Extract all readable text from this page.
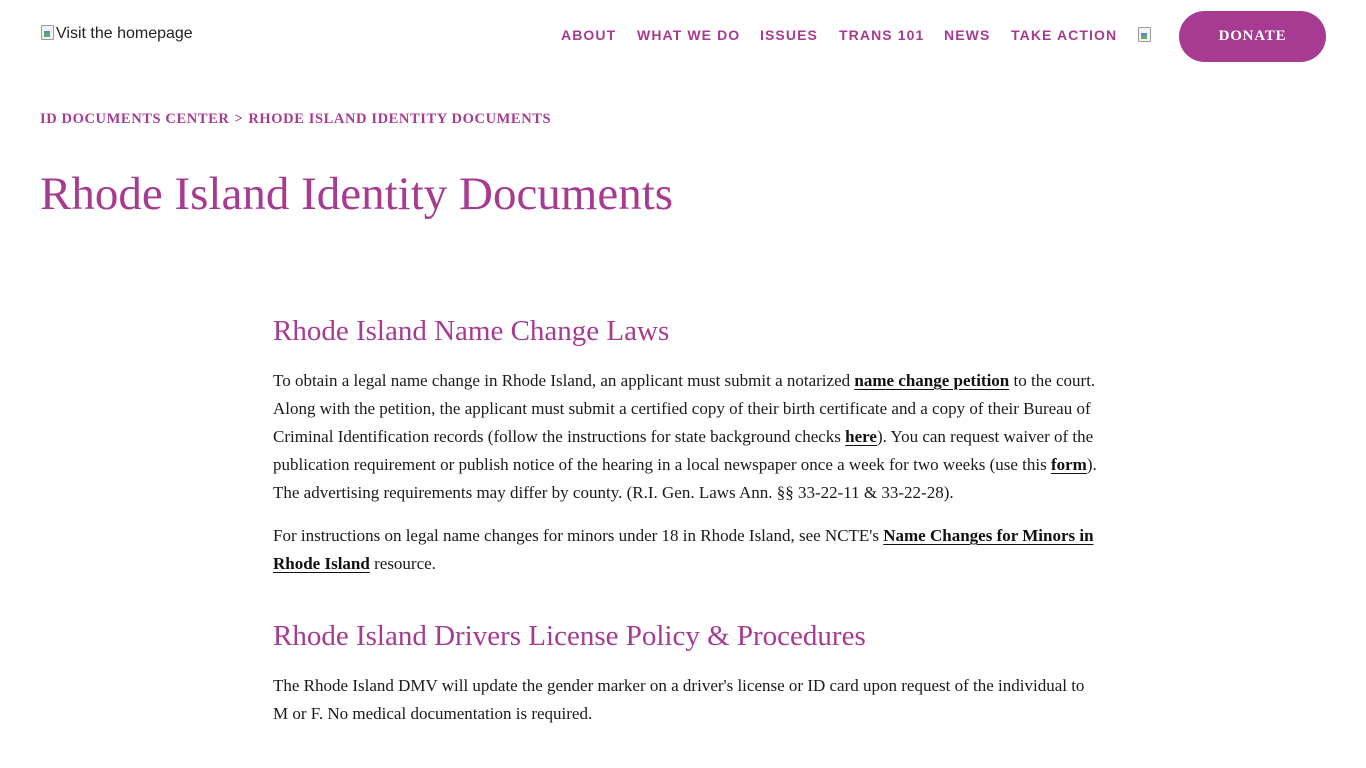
Visit the homepage	ABOUT WHAT WE DO ISSUES TRANS 101 NEWS TAKE ACTION	DONATE
ID DOCUMENTS CENTER > RHODE ISLAND IDENTITY DOCUMENTS
Rhode Island Identity Documents
Rhode Island Name Change Laws

To obtain a legal name change in Rhode Island, an applicant must submit a notarized name change petition to the court. Along with the petition, the applicant must submit a certified copy of their birth certificate and a copy of their Bureau of Criminal Identification records (follow the instructions for state background checks here). You can request waiver of the publication requirement or publish notice of the hearing in a local newspaper once a week for two weeks (use this form). The advertising requirements may differ by county. (R.I. Gen. Laws Ann. §§ 33-22-11 & 33-22-28).

For instructions on legal name changes for minors under 18 in Rhode Island, see NCTE's Name Changes for Minors in Rhode Island resource.

Rhode Island Drivers License Policy & Procedures

The Rhode Island DMV will update the gender marker on a driver's license or ID card upon request of the individual to M or F. No medical documentation is required.
